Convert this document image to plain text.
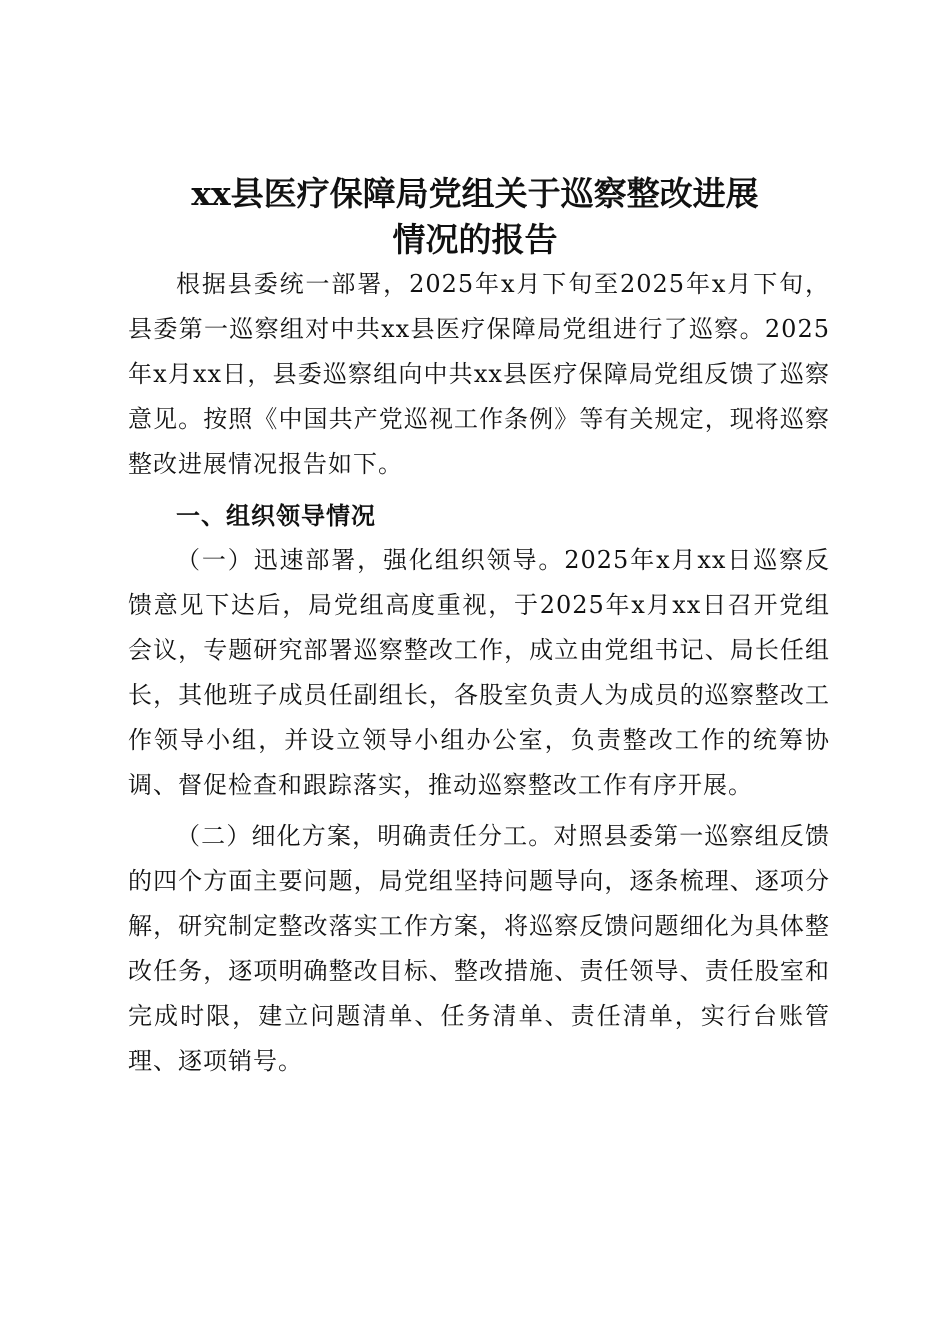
xx县医疗保障局党组关于巡察整改进展
情况的报告

根据县委统一部署，2025年x月下旬至2025年x月下旬，县委第一巡察组对中共xx县医疗保障局党组进行了巡察。2025年x月xx日，县委巡察组向中共xx县医疗保障局党组反馈了巡察意见。按照《中国共产党巡视工作条例》等有关规定，现将巡察整改进展情况报告如下。

一、组织领导情况

（一）迅速部署，强化组织领导。2025年x月xx日巡察反馈意见下达后，局党组高度重视，于2025年x月xx日召开党组会议，专题研究部署巡察整改工作，成立由党组书记、局长任组长，其他班子成员任副组长，各股室负责人为成员的巡察整改工作领导小组，并设立领导小组办公室，负责整改工作的统筹协调、督促检查和跟踪落实，推动巡察整改工作有序开展。

（二）细化方案，明确责任分工。对照县委第一巡察组反馈的四个方面主要问题，局党组坚持问题导向，逐条梳理、逐项分解，研究制定整改落实工作方案，将巡察反馈问题细化为具体整改任务，逐项明确整改目标、整改措施、责任领导、责任股室和完成时限，建立问题清单、任务清单、责任清单，实行台账管理、逐项销号。
